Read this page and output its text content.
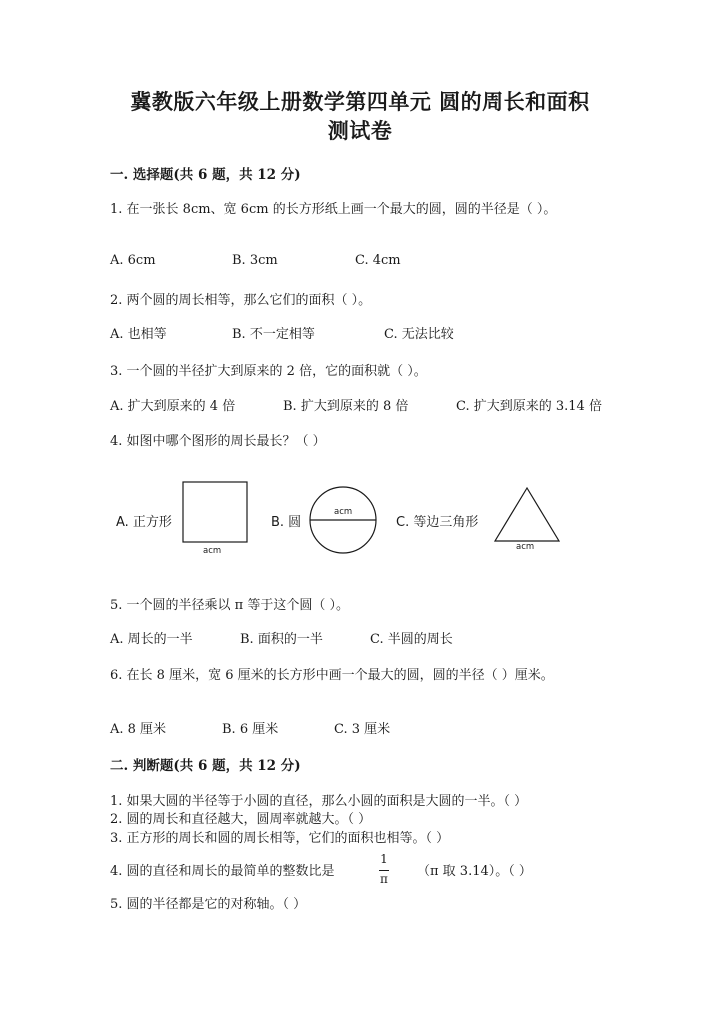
冀教版六年级上册数学第四单元 圆的周长和面积
测试卷
一. 选择题(共 6 题，共 12 分)
1. 在一张长 8cm、宽 6cm 的长方形纸上画一个最大的圆，圆的半径是（ ）。
A. 6cm	B. 3cm	C. 4cm
2. 两个圆的周长相等，那么它们的面积（ ）。
A. 也相等	B. 不一定相等	C. 无法比较
3. 一个圆的半径扩大到原来的 2 倍，它的面积就（ ）。
A. 扩大到原来的 4 倍	B. 扩大到原来的 8 倍	C. 扩大到原来的 3.14 倍
4. 如图中哪个图形的周长最长？（ ）
A. 正方形
acm
B. 圆
acm
C. 等边三角形
acm
5. 一个圆的半径乘以 π 等于这个圆（ ）。
A. 周长的一半	B. 面积的一半	C. 半圆的周长
6. 在长 8 厘米，宽 6 厘米的长方形中画一个最大的圆，圆的半径（ ）厘米。
A. 8 厘米	B. 6 厘米	C. 3 厘米
二. 判断题(共 6 题，共 12 分)
1. 如果大圆的半径等于小圆的直径，那么小圆的面积是大圆的一半。（ ）
2. 圆的周长和直径越大，圆周率就越大。（ ）
3. 正方形的周长和圆的周长相等，它们的面积也相等。（ ）
4. 圆的直径和周长的最简单的整数比是
1
π	（π 取 3.14）。（ ）
5. 圆的半径都是它的对称轴。（ ）
